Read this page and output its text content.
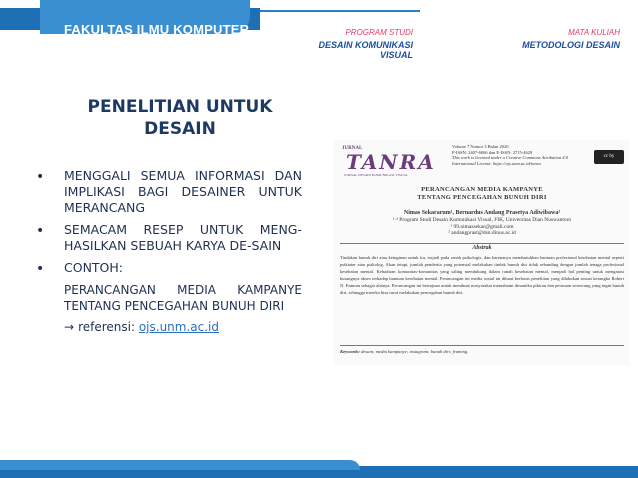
FAKULTAS ILMU KOMPUTER	PROGRAM STUDI
DESAIN KOMUNIKASI VISUAL
MATA KULIAH
METODOLOGI DESAIN
PENELITIAN UNTUK
DESAIN
• MENGGALI SEMUA INFORMASI DAN IMPLIKASI BAGI DESAINER UNTUK MERANCANG
• SEMACAM RESEP UNTUK MENG-HASILKAN SEBUAH KARYA DE-SAIN
• CONTOH:
PERANCANGAN MEDIA KAMPANYE TENTANG PENCEGAHAN BUNUH DIRI
→ referensi: ojs.unm.ac.id
JURNAL
TANRA
JURNAL DESAIN KOMUNIKASI VISUAL
Volume 7 Nomor 3 Bulan 2020
P-ISSN: 2407-6066 dan E-ISSN: 2715-4629
This work is licensed under a Creative Commons Attribution 4.0
International License. https://ojs.unm.ac.id/tanra
cc by
PERANCANGAN MEDIA KAMPANYE
TENTANG PENCEGAHAN BUNUH DIRI
Nimas Sekararum¹, Bernardus Andang Prasetya Adiwibawa²
¹·² Program Studi Desain Komunikasi Visual, FIK, Universitas Dian Nuswantoro
¹ 99.nimassekar@gmail.com
² andangprast@dsn.dinus.ac.id
Abstrak
Tindakan bunuh diri atau keinginan untuk itu, terjadi pada ranah psikologis, dan karenanya membutuhkan bantuan profesional kesehatan mental seperti psikiater atau psikolog. Akan tetapi, jumlah penderita yang potensial melakukan tindak bunuh diri tidak sebanding dengan jumlah tenaga profesional kesehatan mental. Kehadiran komunitas-komunitas yang saling mendukung dalam ranah kesehatan mental, menjadi hal penting untuk mengatasi kurangnya akses terhadap bantuan kesehatan mental. Perancangan ini media sosial ini dibuat berbasis penelitian yang dilakukan sesuai kerangka Robert N. Entman sebagai alatnya. Perancangan ini bertujuan untuk membuat masyarakat memahami dinamika pikiran dan perasaan seseorang yang ingin bunuh diri, sehingga mereka bisa turut melakukan pencegahan bunuh diri.
Keywords: desain; media kampanye; instagram; bunuh diri; framing.
